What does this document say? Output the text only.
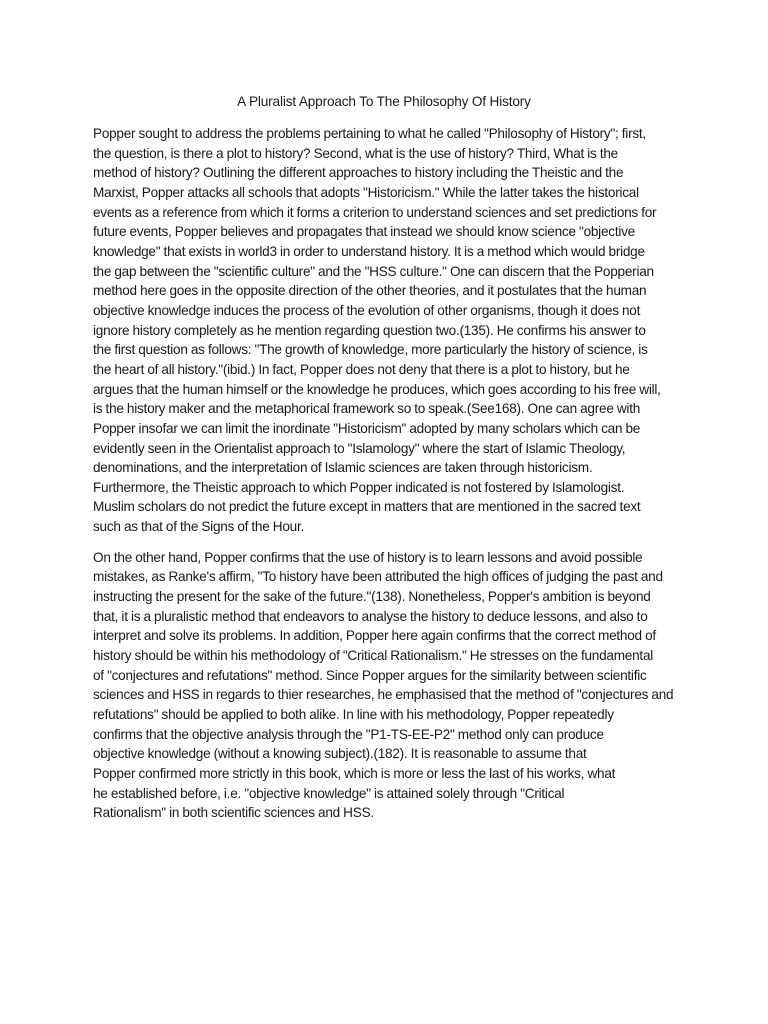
A Pluralist Approach To The Philosophy Of History

Popper sought to address the problems pertaining to what he called "Philosophy of History"; first,
the question, is there a plot to history? Second, what is the use of history? Third, What is the
method of history? Outlining the different approaches to history including the Theistic and the
Marxist, Popper attacks all schools that adopts "Historicism." While the latter takes the historical
events as a reference from which it forms a criterion to understand sciences and set predictions for
future events, Popper believes and propagates that instead we should know science "objective
knowledge" that exists in world3 in order to understand history. It is a method which would bridge
the gap between the "scientific culture" and the "HSS culture." One can discern that the Popperian
method here goes in the opposite direction of the other theories, and it postulates that the human
objective knowledge induces the process of the evolution of other organisms, though it does not
ignore history completely as he mention regarding question two.(135). He confirms his answer to
the first question as follows: "The growth of knowledge, more particularly the history of science, is
the heart of all history."(ibid.) In fact, Popper does not deny that there is a plot to history, but he
argues that the human himself or the knowledge he produces, which goes according to his free will,
is the history maker and the metaphorical framework so to speak.(See168). One can agree with
Popper insofar we can limit the inordinate "Historicism" adopted by many scholars which can be
evidently seen in the Orientalist approach to "Islamology" where the start of Islamic Theology,
denominations, and the interpretation of Islamic sciences are taken through historicism.
Furthermore, the Theistic approach to which Popper indicated is not fostered by Islamologist.
Muslim scholars do not predict the future except in matters that are mentioned in the sacred text
such as that of the Signs of the Hour.

On the other hand, Popper confirms that the use of history is to learn lessons and avoid possible
mistakes, as Ranke's affirm, "To history have been attributed the high offices of judging the past and
instructing the present for the sake of the future."(138). Nonetheless, Popper's ambition is beyond
that, it is a pluralistic method that endeavors to analyse the history to deduce lessons, and also to
interpret and solve its problems. In addition, Popper here again confirms that the correct method of
history should be within his methodology of "Critical Rationalism." He stresses on the fundamental
of "conjectures and refutations" method. Since Popper argues for the similarity between scientific
sciences and HSS in regards to thier researches, he emphasised that the method of "conjectures and
refutations" should be applied to both alike. In line with his methodology, Popper repeatedly
confirms that the objective analysis through the "P1-TS-EE-P2" method only can produce
objective knowledge (without a knowing subject).(182). It is reasonable to assume that
Popper confirmed more strictly in this book, which is more or less the last of his works, what
he established before, i.e. "objective knowledge" is attained solely through "Critical
Rationalism" in both scientific sciences and HSS.
